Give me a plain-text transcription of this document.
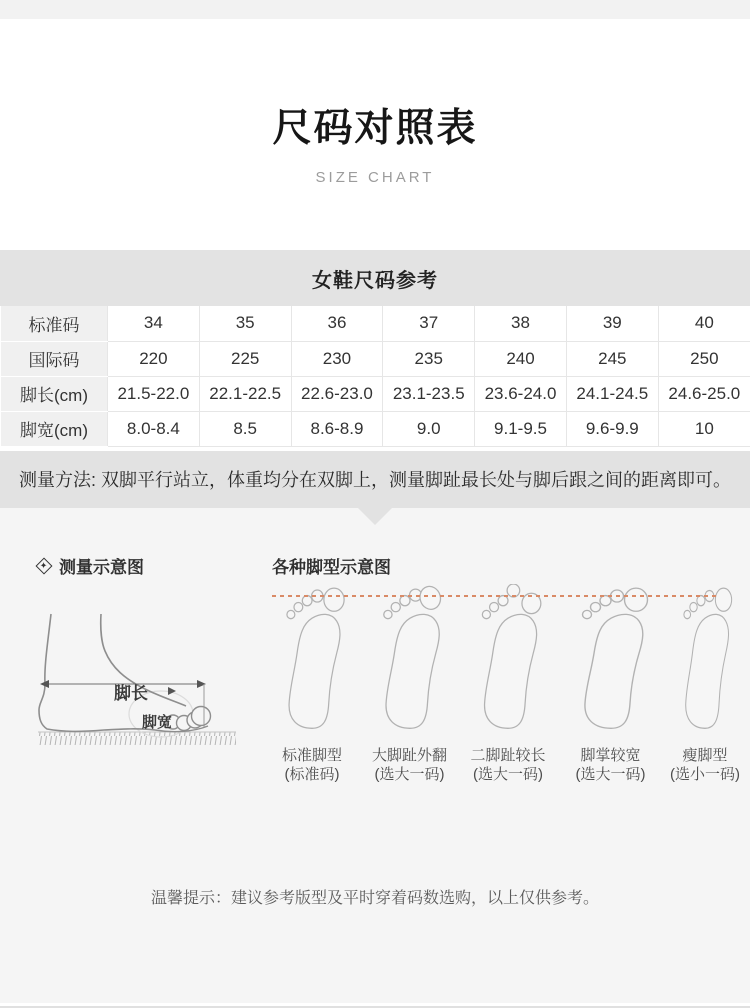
尺码对照表
SIZE CHART
女鞋尺码参考
标准码	34	35	36	37	38	39	40
国际码	220	225	230	235	240	245	250
脚长(cm)	21.5-22.0	22.1-22.5	22.6-23.0	23.1-23.5	23.6-24.0	24.1-24.5	24.6-25.0
脚宽(cm)	8.0-8.4	8.5	8.6-8.9	9.0	9.1-9.5	9.6-9.9	10
测量方法: 双脚平行站立，体重均分在双脚上，测量脚趾最长处与脚后跟之间的距离即可。
✦ 测量示意图	各种脚型示意图
脚长
脚宽
标准脚型
(标准码)
大脚趾外翻
(选大一码)
二脚趾较长
(选大一码)
脚掌较宽
(选大一码)
瘦脚型
(选小一码)
温馨提示：建议参考版型及平时穿着码数选购，以上仅供参考。
